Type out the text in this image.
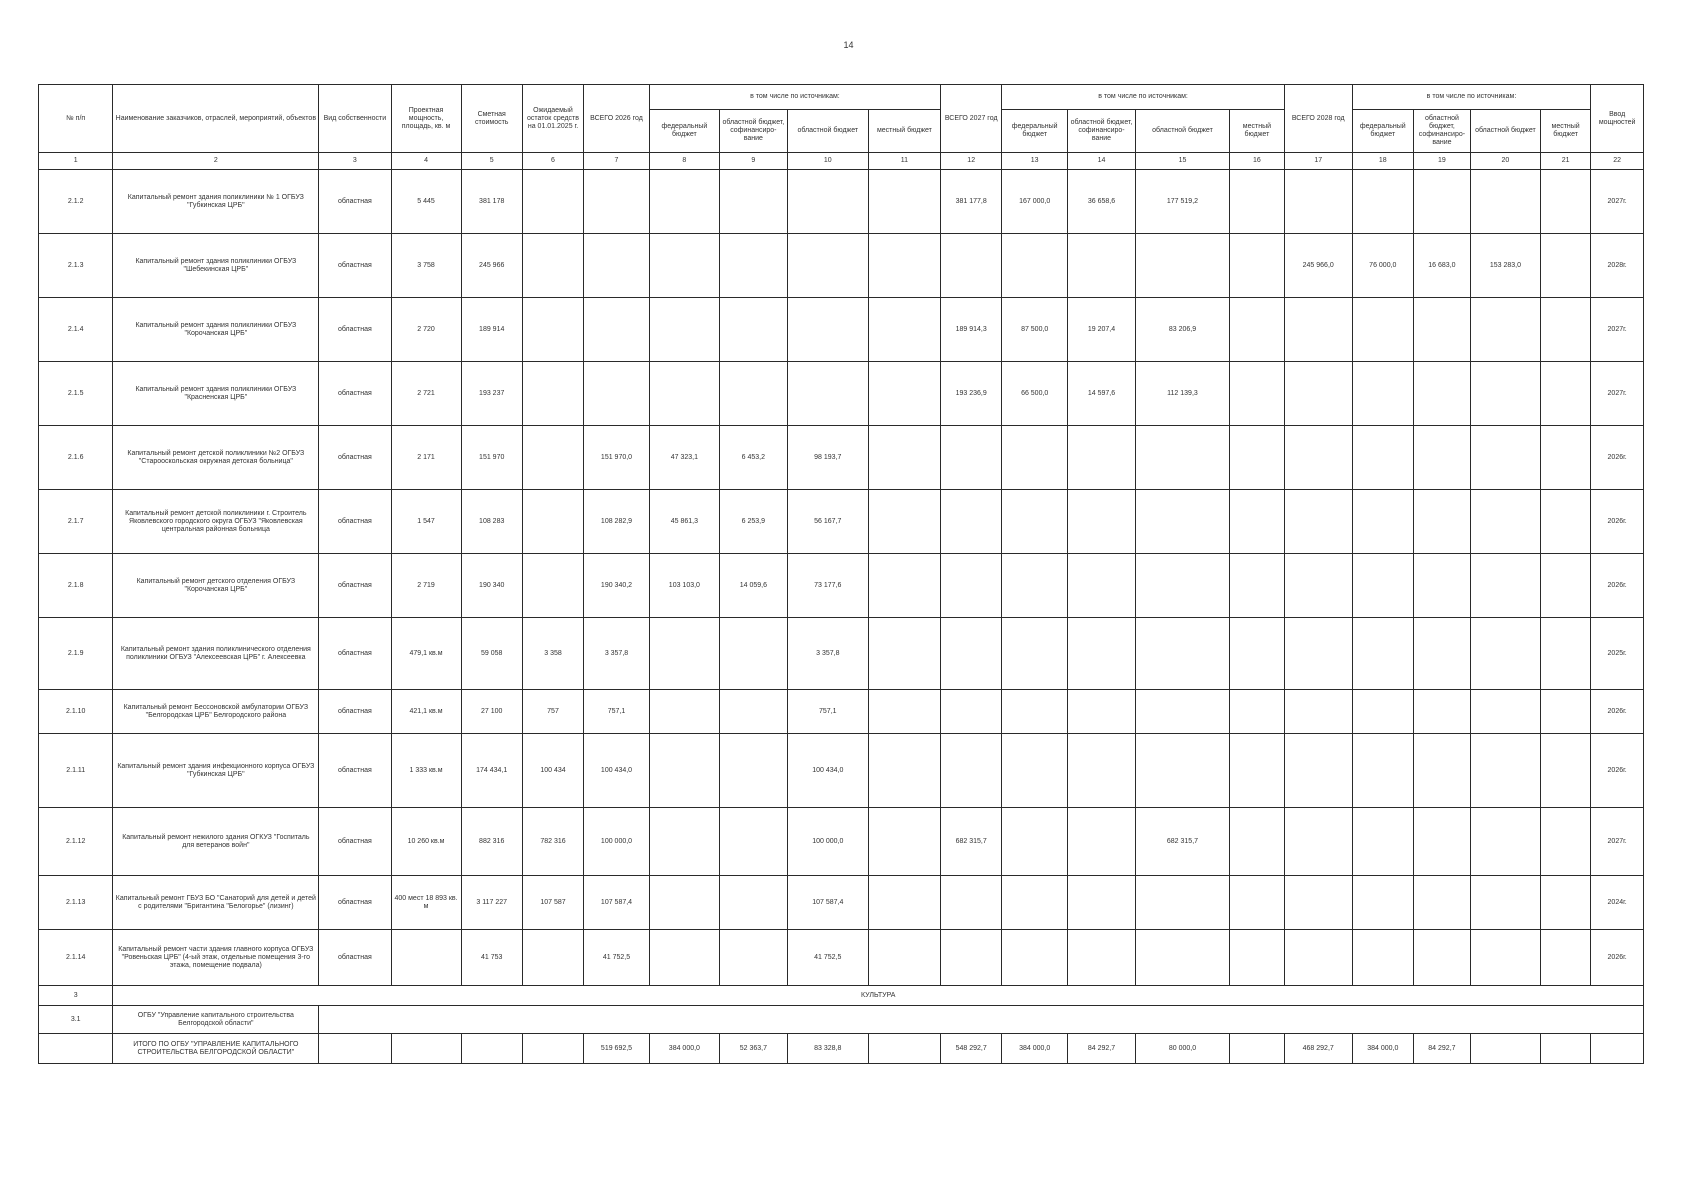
14
№ п/п	Наименование заказчиков, отраслей, мероприятий, объектов	Вид собственности	Проектная мощность, площадь, кв. м	Сметная стоимость	Ожидаемый остаток средств на 01.01.2025 г.	ВСЕГО 2026 год	в том числе по источникам:				ВСЕГО 2027 год	в том числе по источникам:				ВСЕГО 2028 год	в том числе по источникам:				Ввод мощностей
							федеральный бюджет	областной бюджет, софинансиро-вание	областной бюджет	местный бюджет		федеральный бюджет	областной бюджет, софинансиро-вание	областной бюджет	местный бюджет		федеральный бюджет	областной бюджет, софинансиро-вание	областной бюджет	местный бюджет	
1	2	3	4	5	6	7	8	9	10	11	12	13	14	15	16	17	18	19	20	21	22
2.1.2	Капитальный ремонт здания поликлиники № 1 ОГБУЗ "Губкинская ЦРБ"	областная	5 445	381 178							381 177,8	167 000,0	36 658,6	177 519,2							2027г.
2.1.3	Капитальный ремонт здания поликлиники ОГБУЗ "Шебекинская ЦРБ"	областная	3 758	245 966												245 966,0	76 000,0	16 683,0	153 283,0		2028г.
2.1.4	Капитальный ремонт здания поликлиники ОГБУЗ "Корочанская ЦРБ"	областная	2 720	189 914							189 914,3	87 500,0	19 207,4	83 206,9							2027г.
2.1.5	Капитальный ремонт здания поликлиники ОГБУЗ "Красненская ЦРБ"	областная	2 721	193 237							193 236,9	66 500,0	14 597,6	112 139,3							2027г.
2.1.6	Капитальный ремонт детской поликлиники №2 ОГБУЗ "Старооскольская окружная детская больница"	областная	2 171	151 970		151 970,0	47 323,1	6 453,2	98 193,7												2026г.
2.1.7	Капитальный ремонт детской поликлиники г. Строитель Яковлевского городского округа ОГБУЗ "Яковлевская центральная районная больница	областная	1 547	108 283		108 282,9	45 861,3	6 253,9	56 167,7												2026г.
2.1.8	Капитальный ремонт детского отделения ОГБУЗ "Корочанская ЦРБ"	областная	2 719	190 340		190 340,2	103 103,0	14 059,6	73 177,6												2026г.
2.1.9	Капитальный ремонт здания поликлинического отделения поликлиники ОГБУЗ "Алексеевская ЦРБ" г. Алексеевка	областная	479,1 кв.м	59 058	3 358	3 357,8			3 357,8												2025г.
2.1.10	Капитальный ремонт Бессоновской амбулатории ОГБУЗ "Белгородская ЦРБ" Белгородского района	областная	421,1 кв.м	27 100	757	757,1			757,1												2026г.
2.1.11	Капитальный ремонт здания инфекционного корпуса ОГБУЗ "Губкинская ЦРБ"	областная	1 333 кв.м	174 434,1	100 434	100 434,0			100 434,0												2026г.
2.1.12	Капитальный ремонт нежилого здания ОГКУЗ "Госпиталь для ветеранов войн"	областная	10 260 кв.м	882 316	782 316	100 000,0			100 000,0		682 315,7			682 315,7							2027г.
2.1.13	Капитальный ремонт ГБУЗ БО "Санаторий для детей и детей с родителями "Бригантина "Белогорье" (лизинг)	областная	400 мест 18 893 кв. м	3 117 227	107 587	107 587,4			107 587,4												2024г.
2.1.14	Капитальный ремонт части здания главного корпуса ОГБУЗ "Ровеньская ЦРБ" (4-ый этаж, отдельные помещения 3-го этажа, помещение подвала)	областная		41 753		41 752,5			41 752,5												2026г.
3	КУЛЬТУРА																				
3.1	ОГБУ "Управление капитального строительства Белгородской области"																				
	ИТОГО ПО ОГБУ "УПРАВЛЕНИЕ КАПИТАЛЬНОГО СТРОИТЕЛЬСТВА БЕЛГОРОДСКОЙ ОБЛАСТИ"					519 692,5	384 000,0	52 363,7	83 328,8		548 292,7	384 000,0	84 292,7	80 000,0		468 292,7	384 000,0	84 292,7			
